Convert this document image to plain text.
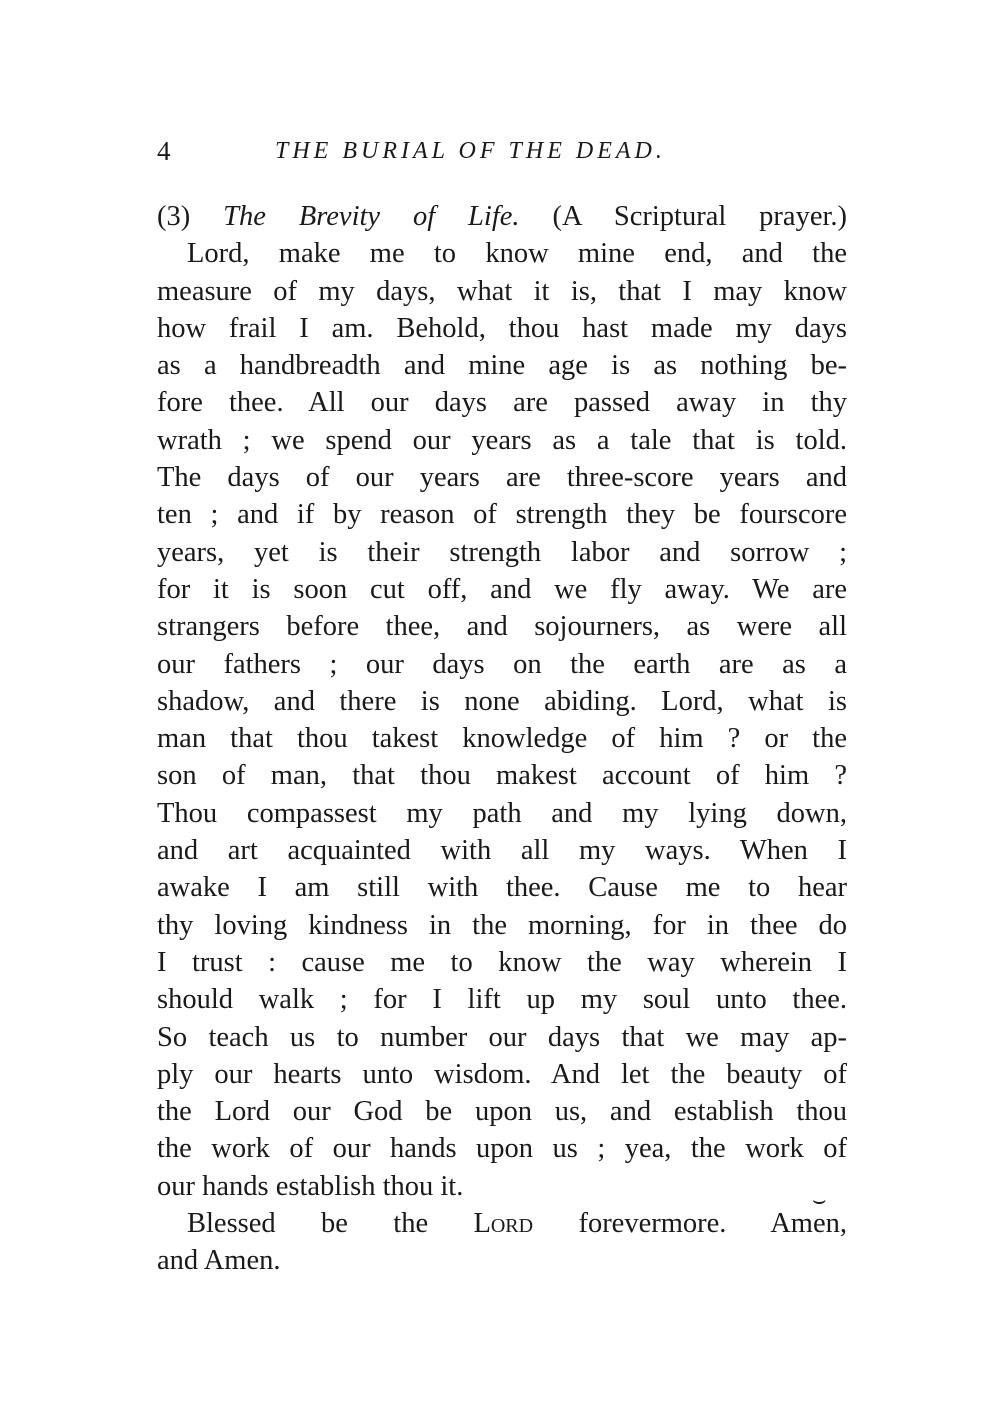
4	THE BURIAL OF THE DEAD.
(3) The Brevity of Life. (A Scriptural prayer.)
Lord, make me to know mine end, and the
measure of my days, what it is, that I may know
how frail I am. Behold, thou hast made my days
as a handbreadth and mine age is as nothing be-
fore thee. All our days are passed away in thy
wrath ; we spend our years as a tale that is told.
The days of our years are three-score years and
ten ; and if by reason of strength they be fourscore
years, yet is their strength labor and sorrow ;
for it is soon cut off, and we fly away. We are
strangers before thee, and sojourners, as were all
our fathers ; our days on the earth are as a
shadow, and there is none abiding. Lord, what is
man that thou takest knowledge of him ? or the
son of man, that thou makest account of him ?
Thou compassest my path and my lying down,
and art acquainted with all my ways. When I
awake I am still with thee. Cause me to hear
thy loving kindness in the morning, for in thee do
I trust : cause me to know the way wherein I
should walk ; for I lift up my soul unto thee.
So teach us to number our days that we may ap-
ply our hearts unto wisdom. And let the beauty of
the Lord our God be upon us, and establish thou
the work of our hands upon us ; yea, the work of
our hands establish thou it.
Blessed be the Lord forevermore. Am
⌣
en,
and Amen.
